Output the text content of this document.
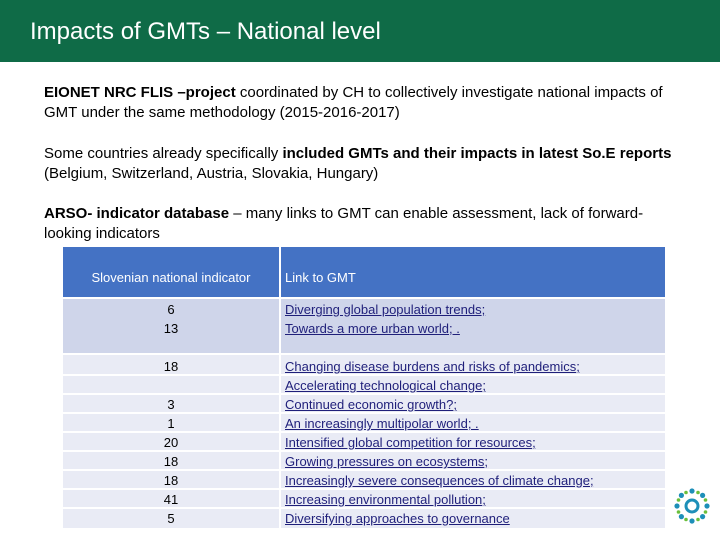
Impacts of GMTs – National level
EIONET NRC FLIS –project coordinated by CH to collectively investigate national impacts of GMT under the same methodology (2015-2016-2017)
Some countries already specifically included GMTs and their impacts in latest So.E reports (Belgium, Switzerland, Austria, Slovakia, Hungary)
ARSO- indicator database – many links to GMT can enable assessment, lack of forward-looking indicators
Slovenian national indicator	Link to GMT
6
13
Diverging global population trends;
Towards a more urban world; .
18
3
1
20
18
18
41
5
Changing disease burdens and risks of pandemics;
Accelerating technological change;
Continued economic growth?;
An increasingly multipolar world; .
Intensified global competition for resources;
Growing pressures on ecosystems;
Increasingly severe consequences of climate change;
Increasing environmental pollution;
Diversifying approaches to governance
